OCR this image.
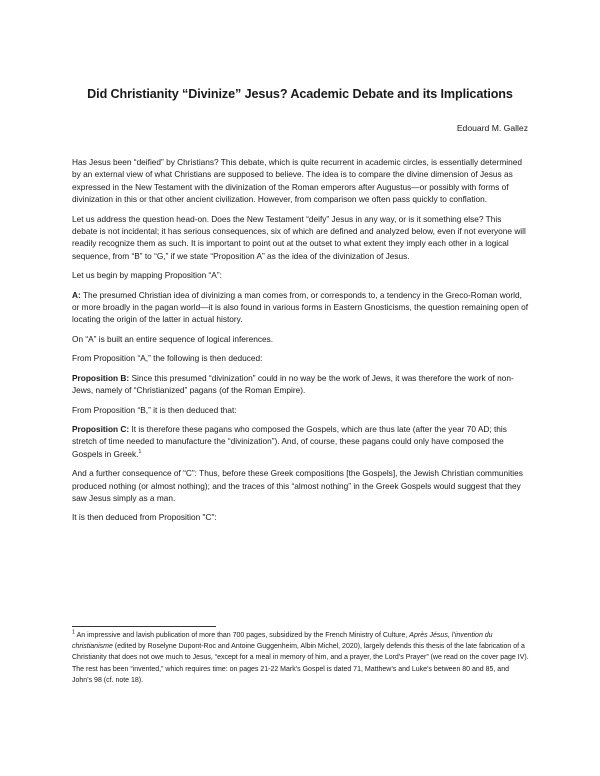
Did Christianity “Divinize” Jesus? Academic Debate and its Implications
Edouard M. Gallez

Has Jesus been “deified” by Christians? This debate, which is quite recurrent in academic circles, is essentially determined by an external view of what Christians are supposed to believe. The idea is to compare the divine dimension of Jesus as expressed in the New Testament with the divinization of the Roman emperors after Augustus—or possibly with forms of divinization in this or that other ancient civilization. However, from comparison we often pass quickly to conflation.

Let us address the question head-on. Does the New Testament “deify” Jesus in any way, or is it something else? This debate is not incidental; it has serious consequences, six of which are defined and analyzed below, even if not everyone will readily recognize them as such. It is important to point out at the outset to what extent they imply each other in a logical sequence, from “B” to “G,” if we state “Proposition A” as the idea of the divinization of Jesus.

Let us begin by mapping Proposition “A”:

A: The presumed Christian idea of divinizing a man comes from, or corresponds to, a tendency in the Greco-Roman world, or more broadly in the pagan world—it is also found in various forms in Eastern Gnosticisms, the question remaining open of locating the origin of the latter in actual history.

On “A” is built an entire sequence of logical inferences.

From Proposition “A,” the following is then deduced:

Proposition B: Since this presumed “divinization” could in no way be the work of Jews, it was therefore the work of non-Jews, namely of “Christianized” pagans (of the Roman Empire).

From Proposition “B,” it is then deduced that:

Proposition C: It is therefore these pagans who composed the Gospels, which are thus late (after the year 70 AD; this stretch of time needed to manufacture the “divinization”). And, of course, these pagans could only have composed the Gospels in Greek.$^1$

And a further consequence of “C”: Thus, before these Greek compositions [the Gospels], the Jewish Christian communities produced nothing (or almost nothing); and the traces of this “almost nothing” in the Greek Gospels would suggest that they saw Jesus simply as a man.

It is then deduced from Proposition "C":

$^1$ An impressive and lavish publication of more than 700 pages, subsidized by the French Ministry of Culture, Après Jésus, l’invention du christianisme (edited by Roselyne Dupont-Roc and Antoine Guggenheim, Albin Michel, 2020), largely defends this thesis of the late fabrication of a Christianity that does not owe much to Jesus, “except for a meal in memory of him, and a prayer, the Lord’s Prayer” (we read on the cover page IV). The rest has been “invented,” which requires time: on pages 21-22 Mark’s Gospel is dated 71, Matthew’s and Luke’s between 80 and 85, and John’s 98 (cf. note 18).
